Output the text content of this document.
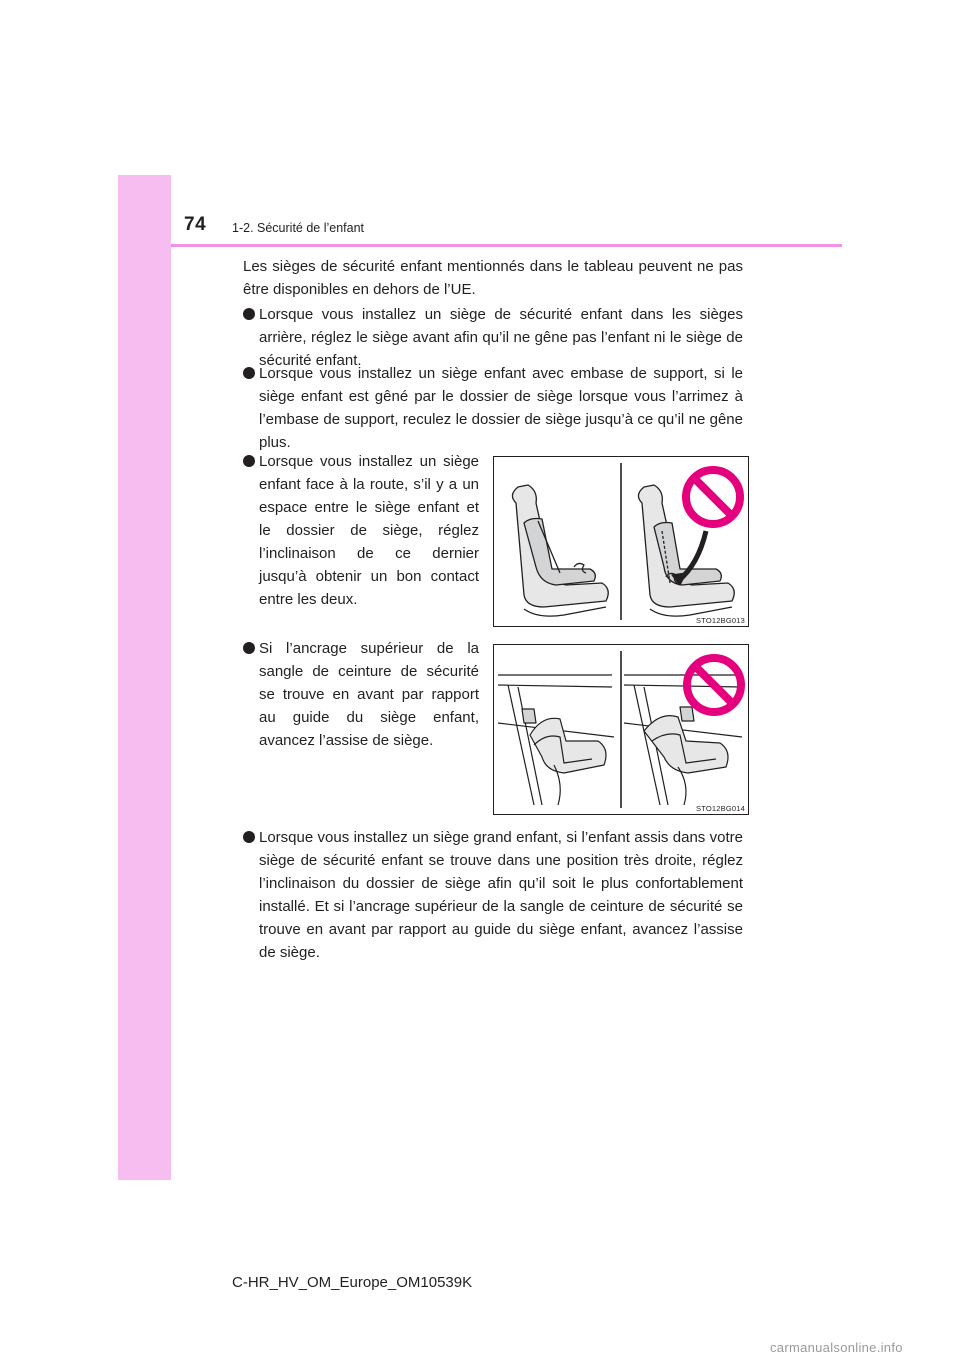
74 1-2. Sécurité de l’enfant

Les sièges de sécurité enfant mentionnés dans le tableau peuvent ne pas être disponibles en dehors de l’UE.

Lorsque vous installez un siège de sécurité enfant dans les sièges arrière, réglez le siège avant afin qu’il ne gêne pas l’enfant ni le siège de sécurité enfant.
Lorsque vous installez un siège enfant avec embase de support, si le siège enfant est gêné par le dossier de siège lorsque vous l’arrimez à l’embase de support, reculez le dossier de siège jusqu’à ce qu’il ne gêne plus.
Lorsque vous installez un siège enfant face à la route, s’il y a un espace entre le siège enfant et le dossier de siège, réglez l’inclinaison de ce dernier jusqu’à obtenir un bon contact entre les deux.
STO12BG013
Si l’ancrage supérieur de la sangle de ceinture de sécurité se trouve en avant par rapport au guide du siège enfant, avancez l’assise de siège.
STO12BG014
Lorsque vous installez un siège grand enfant, si l’enfant assis dans votre siège de sécurité enfant se trouve dans une position très droite, réglez l’inclinaison du dossier de siège afin qu’il soit le plus confortablement installé. Et si l’ancrage supérieur de la sangle de ceinture de sécurité se trouve en avant par rapport au guide du siège enfant, avancez l’assise de siège.
C-HR_HV_OM_Europe_OM10539K
carmanualsonline.info
